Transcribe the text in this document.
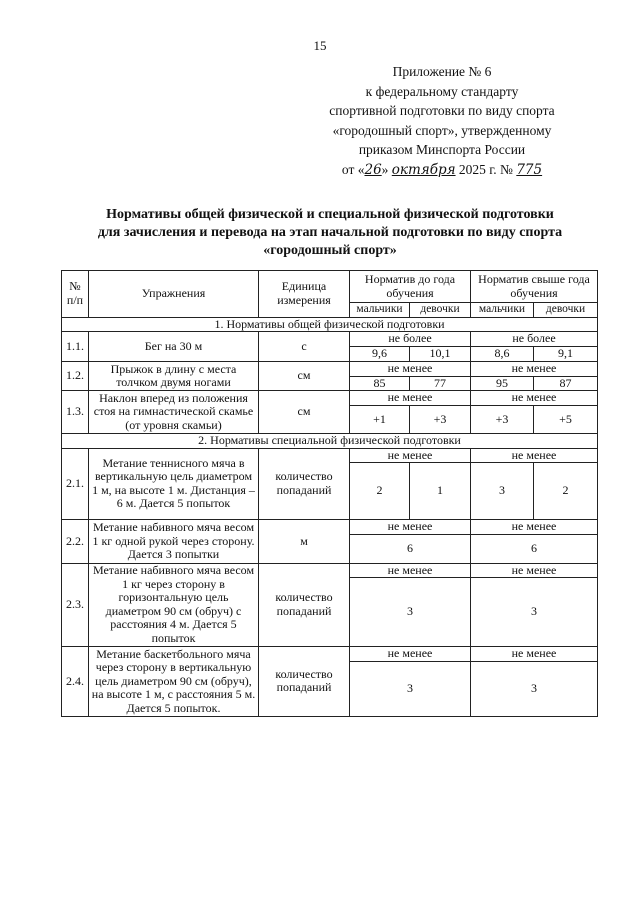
15
Приложение № 6
к федеральному стандарту
спортивной подготовки по виду спорта
«городошный спорт», утвержденному
приказом Минспорта России
от «26» октября 2025 г. № 775
Нормативы общей физической и специальной физической подготовки
для зачисления и перевода на этап начальной подготовки по виду спорта
«городошный спорт»
№ п/п	Упражнения	Единица измерения	Норматив до года обучения		Норматив свыше года обучения	
			мальчики	девочки	мальчики	девочки
1. Нормативы общей физической подготовки						
1.1.	Бег на 30 м	с	не более		не более	
			9,6	10,1	8,6	9,1
1.2.	Прыжок в длину с места толчком двумя ногами	см	не менее		не менее	
			85	77	95	87
1.3.	Наклон вперед из положения стоя на гимнастической скамье (от уровня скамьи)	см	не менее		не менее	
			+1	+3	+3	+5
2. Нормативы специальной физической подготовки						
2.1.	Метание теннисного мяча в вертикальную цель диаметром 1 м, на высоте 1 м. Дистанция – 6 м. Дается 5 попыток	количество попаданий	не менее		не менее	
			2	1	3	2
2.2.	Метание набивного мяча весом 1 кг одной рукой через сторону. Дается 3 попытки	м	не менее		не менее	
			6		6	
2.3.	Метание набивного мяча весом 1 кг через сторону в горизонтальную цель диаметром 90 см (обруч) с расстояния 4 м. Дается 5 попыток	количество попаданий	не менее		не менее	
			3		3	
2.4.	Метание баскетбольного мяча через сторону в вертикальную цель диаметром 90 см (обруч), на высоте 1 м, с расстояния 5 м. Дается 5 попыток.	количество попаданий	не менее		не менее	
			3		3	
